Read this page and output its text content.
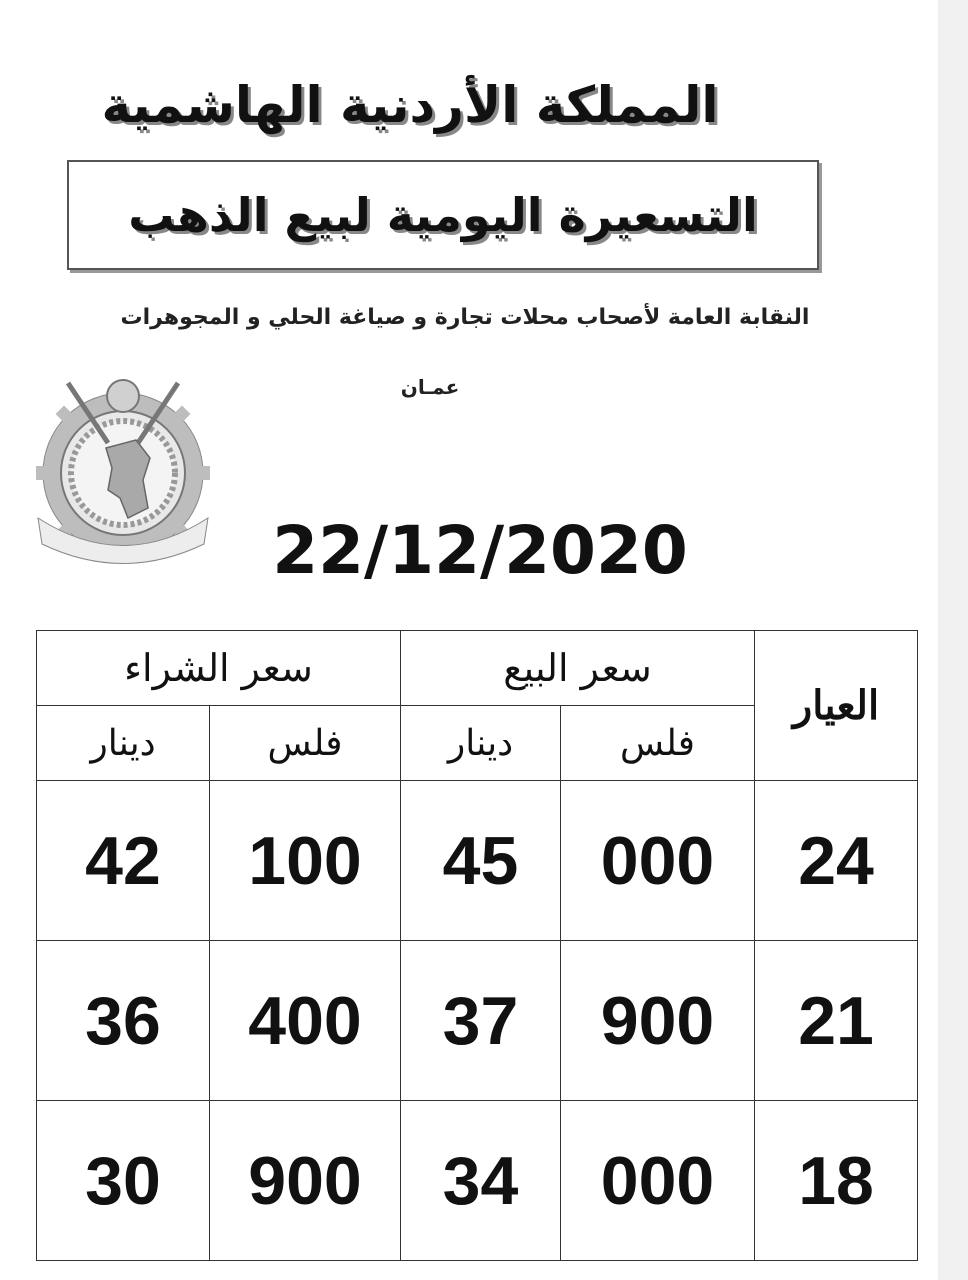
المملكة الأردنية الهاشمية
التسعيرة اليومية لبيع الذهب
النقابة العامة لأصحاب محلات تجارة و صياغة الحلي و المجوهرات
عمـان
22/12/2020
سعر الشراء		سعر البيع		العيار
دينار	فلس	دينار	فلس	
42	100	45	000	24
36	400	37	900	21
30	900	34	000	18
